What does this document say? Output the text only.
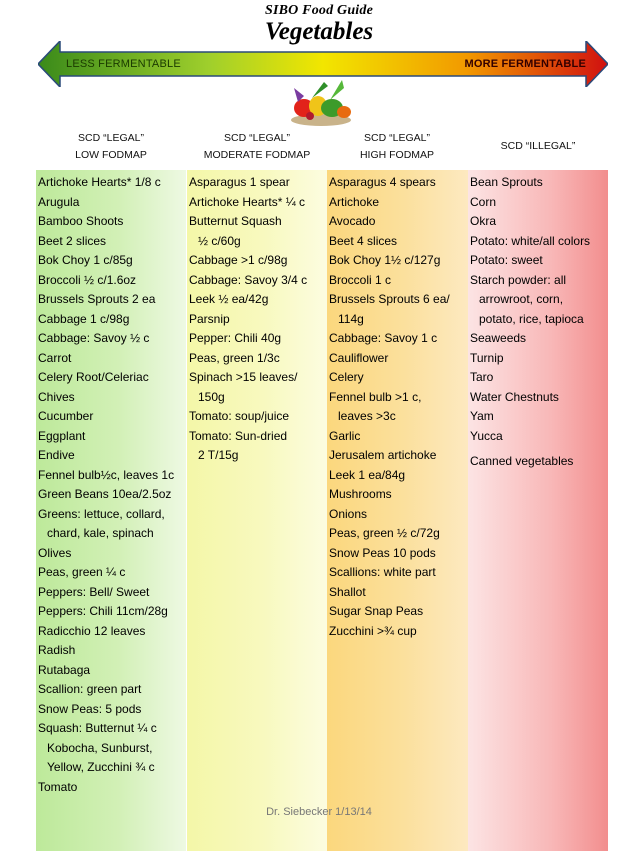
SIBO Food Guide
Vegetables
LESS FERMENTABLE	MORE FERMENTABLE
SCD “LEGAL”
LOW FODMAP
SCD “LEGAL”
MODERATE FODMAP
SCD “LEGAL”
HIGH FODMAP
SCD “ILLEGAL”
Artichoke Hearts* 1/8 c
Arugula
Bamboo Shoots
Beet 2 slices
Bok Choy 1 c/85g
Broccoli ½ c/1.6oz
Brussels Sprouts 2 ea
Cabbage 1 c/98g
Cabbage: Savoy ½ c
Carrot
Celery Root/Celeriac
Chives
Cucumber
Eggplant
Endive
Fennel bulb½c, leaves 1c
Green Beans 10ea/2.5oz
Greens: lettuce, collard,
chard, kale, spinach
Olives
Peas, green ¼ c
Peppers: Bell/ Sweet
Peppers: Chili 11cm/28g
Radicchio 12 leaves
Radish
Rutabaga
Scallion: green part
Snow Peas: 5 pods
Squash: Butternut ¼ c
Kobocha, Sunburst,
Yellow, Zucchini ¾ c
Tomato
Asparagus 1 spear
Artichoke Hearts* ¼ c
Butternut Squash
½ c/60g
Cabbage >1 c/98g
Cabbage: Savoy 3/4 c
Leek ½ ea/42g
Parsnip
Pepper: Chili 40g
Peas, green 1/3c
Spinach >15 leaves/
150g
Tomato: soup/juice
Tomato: Sun-dried
2 T/15g
Asparagus 4 spears
Artichoke
Avocado
Beet 4 slices
Bok Choy 1½ c/127g
Broccoli 1 c
Brussels Sprouts 6 ea/
114g
Cabbage: Savoy 1 c
Cauliflower
Celery
Fennel bulb >1 c,
leaves >3c
Garlic
Jerusalem artichoke
Leek 1 ea/84g
Mushrooms
Onions
Peas, green ½ c/72g
Snow Peas 10 pods
Scallions: white part
Shallot
Sugar Snap Peas
Zucchini >¾ cup
Bean Sprouts
Corn
Okra
Potato: white/all colors
Potato: sweet
Starch powder: all
arrowroot, corn,
potato, rice, tapioca
Seaweeds
Turnip
Taro
Water Chestnuts
Yam
Yucca
Canned vegetables
Dr. Siebecker 1/13/14
